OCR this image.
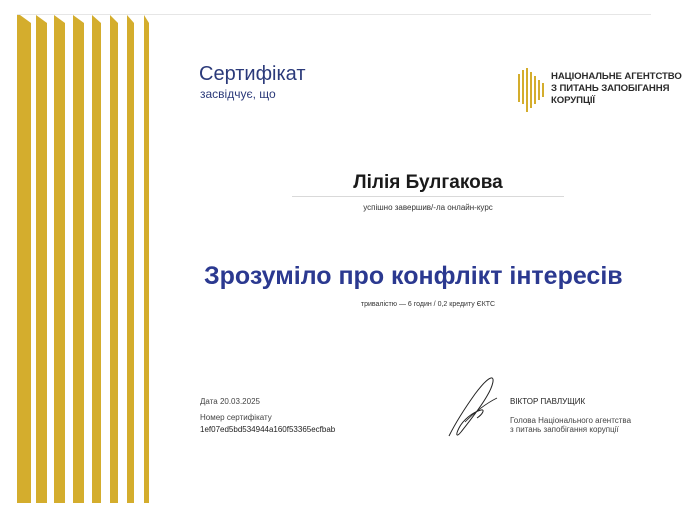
Сертифікат
засвідчує, що
НАЦІОНАЛЬНЕ АГЕНТСТВО
З ПИТАНЬ ЗАПОБІГАННЯ
КОРУПЦІЇ
Лілія Булгакова
успішно завершив/-ла онлайн-курс
Зрозуміло про конфлікт інтересів
тривалістю — 6 годин / 0,2 кредиту ЄКТС
Дата 20.03.2025
Номер сертифікату
1ef07ed5bd534944a160f53365ecfbab
ВІКТОР ПАВЛУЩИК
Голова Національного агентства
з питань запобігання корупції
